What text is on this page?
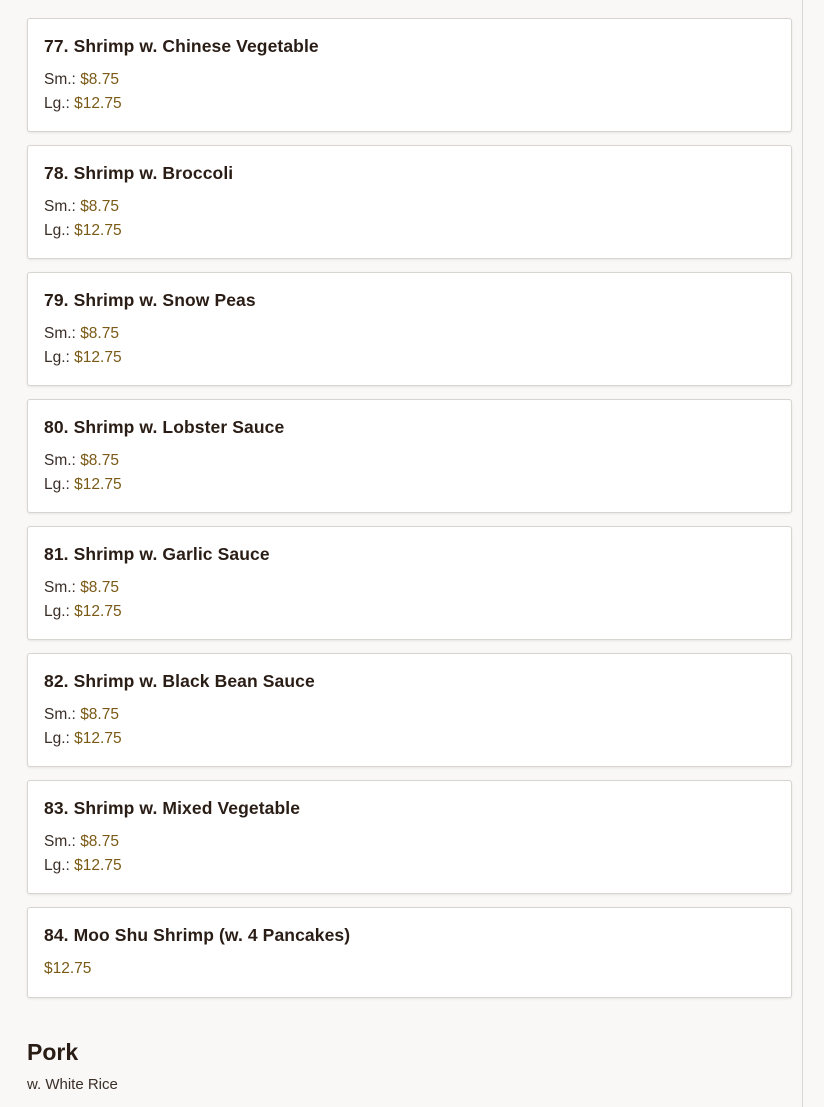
77. Shrimp w. Chinese Vegetable
Sm.: $8.75
Lg.: $12.75
78. Shrimp w. Broccoli
Sm.: $8.75
Lg.: $12.75
79. Shrimp w. Snow Peas
Sm.: $8.75
Lg.: $12.75
80. Shrimp w. Lobster Sauce
Sm.: $8.75
Lg.: $12.75
81. Shrimp w. Garlic Sauce
Sm.: $8.75
Lg.: $12.75
82. Shrimp w. Black Bean Sauce
Sm.: $8.75
Lg.: $12.75
83. Shrimp w. Mixed Vegetable
Sm.: $8.75
Lg.: $12.75
84. Moo Shu Shrimp (w. 4 Pancakes)
$12.75
Pork
w. White Rice
